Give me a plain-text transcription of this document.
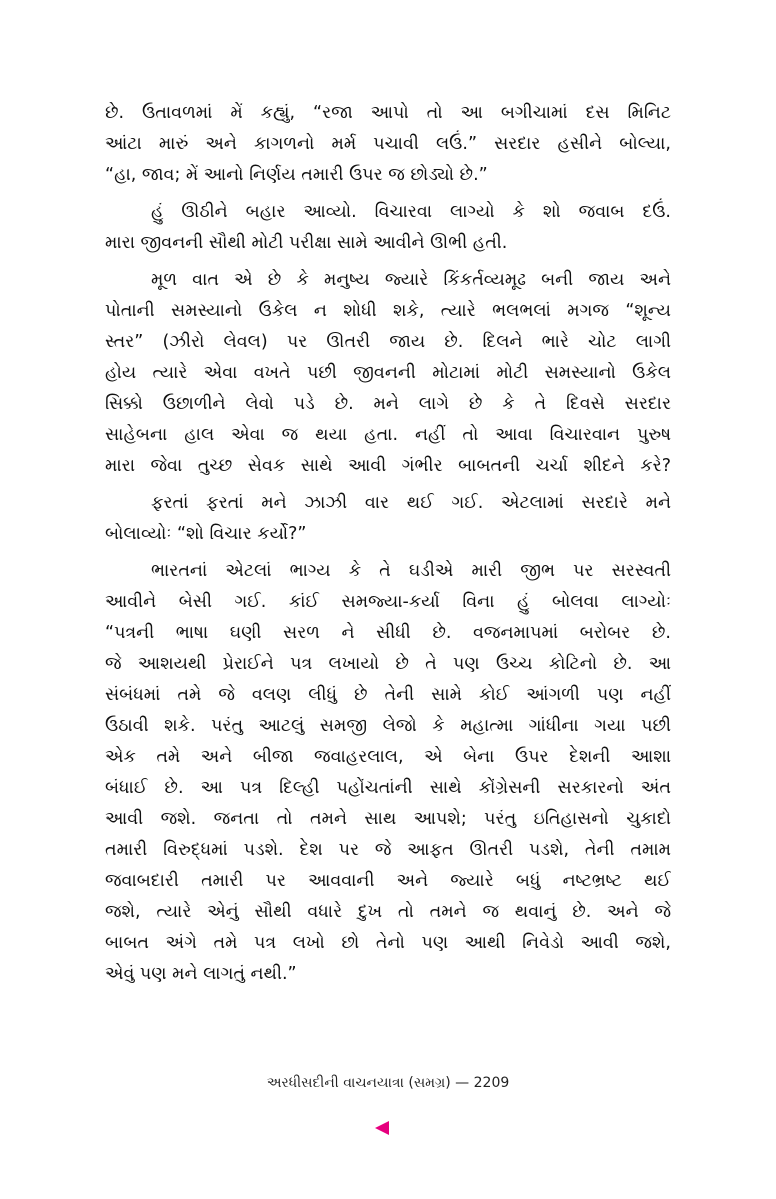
છે. ઉતાવળમાં મેં કહ્યું, “રજા આપો તો આ બગીચામાં દસ મિનિટ
આંટા મારું અને કાગળનો મર્મ પચાવી લઉં.” સરદાર હસીને બોલ્યા,
“હા, જાવ; મેં આનો નિર્ણય તમારી ઉપર જ છોડ્યો છે.”
હું ઊઠીને બહાર આવ્યો. વિચારવા લાગ્યો કે શો જવાબ દઉં.
મારા જીવનની સૌથી મોટી પરીક્ષા સામે આવીને ઊભી હતી.
મૂળ વાત એ છે કે મનુષ્ય જ્યારે કિંકર્તવ્યમૂઢ બની જાય અને
પોતાની સમસ્યાનો ઉકેલ ન શોધી શકે, ત્યારે ભલભલાં મગજ “શૂન્ય
સ્તર” (ઝીરો લેવલ) પર ઊતરી જાય છે. દિલને ભારે ચોટ લાગી
હોય ત્યારે એવા વખતે પછી જીવનની મોટામાં મોટી સમસ્યાનો ઉકેલ
સિક્કો ઉછાળીને લેવો પડે છે. મને લાગે છે કે તે દિવસે સરદાર
સાહેબના હાલ એવા જ થયા હતા. નહીં તો આવા વિચારવાન પુરુષ
મારા જેવા તુચ્છ સેવક સાથે આવી ગંભીર બાબતની ચર્ચા શીદને કરે?
ફરતાં ફરતાં મને ઝાઝી વાર થઈ ગઈ. એટલામાં સરદારે મને
બોલાવ્યોઃ “શો વિચાર કર્યો?”
ભારતનાં એટલાં ભાગ્ય કે તે ઘડીએ મારી જીભ પર સરસ્વતી
આવીને બેસી ગઈ. કાંઈ સમજ્યા-કર્યા વિના હું બોલવા લાગ્યોઃ
“પત્રની ભાષા ઘણી સરળ ને સીધી છે. વજનમાપમાં બરોબર છે.
જે આશયથી પ્રેરાઈને પત્ર લખાયો છે તે પણ ઉચ્ચ કોટિનો છે. આ
સંબંધમાં તમે જે વલણ લીધું છે તેની સામે કોઈ આંગળી પણ નહીં
ઉઠાવી શકે. પરંતુ આટલું સમજી લેજો કે મહાત્મા ગાંધીના ગયા પછી
એક તમે અને બીજા જવાહરલાલ, એ બેના ઉપર દેશની આશા
બંધાઈ છે. આ પત્ર દિલ્હી પહોંચતાંની સાથે કોંગ્રેસની સરકારનો અંત
આવી જશે. જનતા તો તમને સાથ આપશે; પરંતુ ઇતિહાસનો ચુકાદો
તમારી વિરુદ્ધમાં પડશે. દેશ પર જે આફત ઊતરી પડશે, તેની તમામ
જવાબદારી તમારી પર આવવાની અને જ્યારે બધું નષ્ટભ્રષ્ટ થઈ
જશે, ત્યારે એનું સૌથી વધારે દુખ તો તમને જ થવાનું છે. અને જે
બાબત અંગે તમે પત્ર લખો છો તેનો પણ આથી નિવેડો આવી જશે,
એવું પણ મને લાગતું નથી.”
અરધીસદીની વાચનયાત્રા (સમગ્ર) — 2209
